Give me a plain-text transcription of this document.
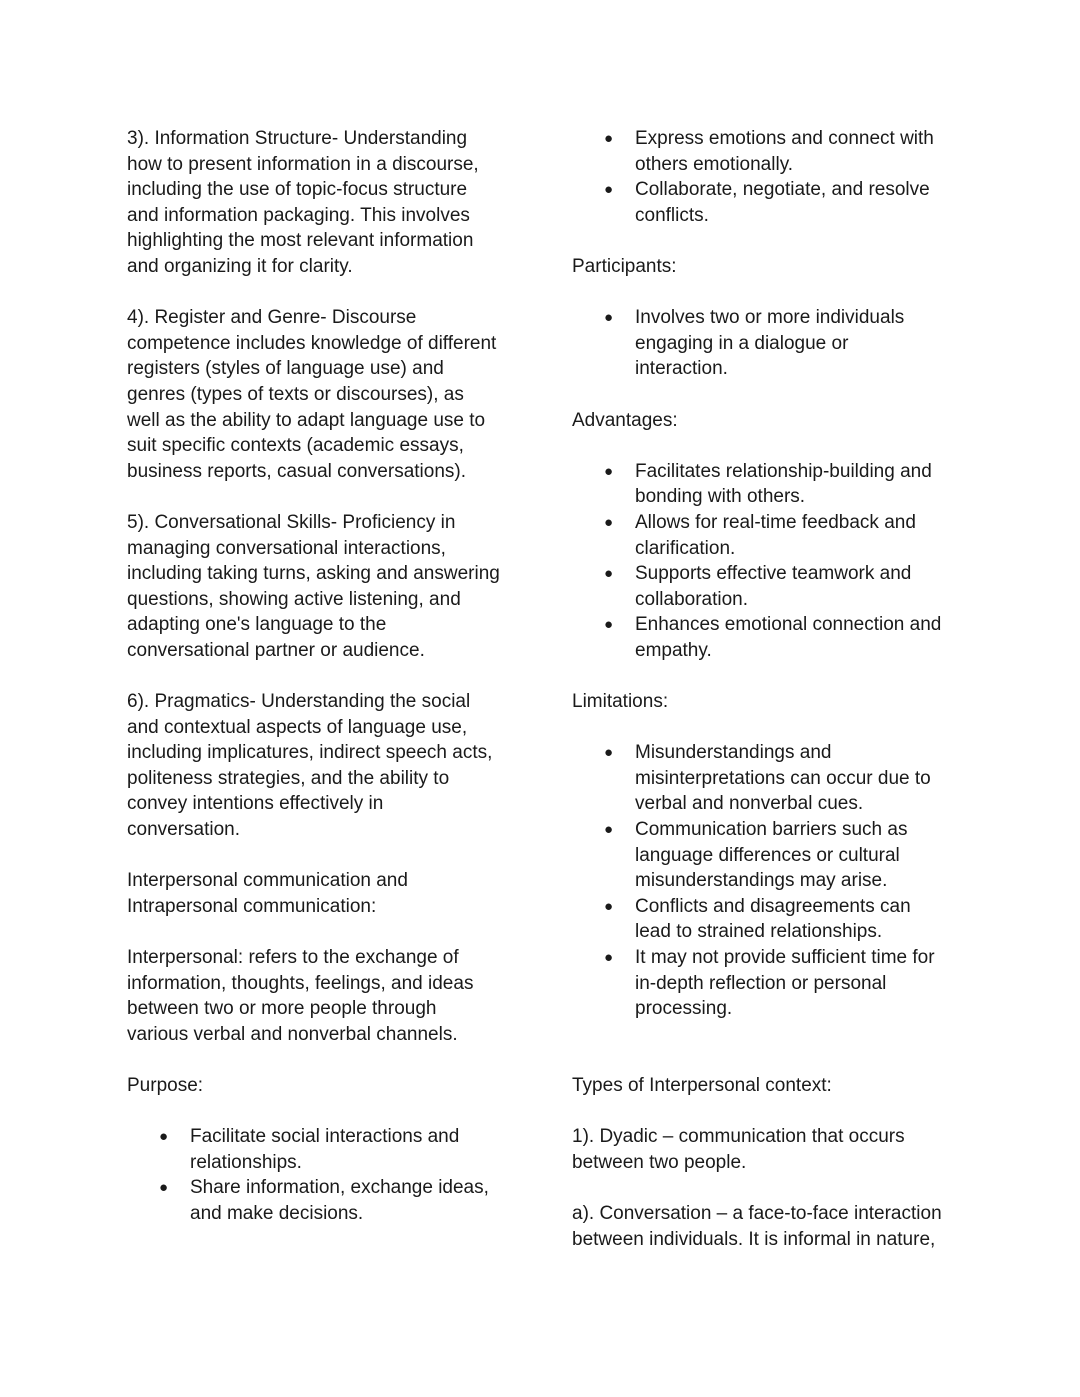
3). Information Structure- Understanding
how to present information in a discourse,
including the use of topic-focus structure
and information packaging. This involves
highlighting the most relevant information
and organizing it for clarity.
4). Register and Genre- Discourse
competence includes knowledge of different
registers (styles of language use) and
genres (types of texts or discourses), as
well as the ability to adapt language use to
suit specific contexts (academic essays,
business reports, casual conversations).
5). Conversational Skills- Proficiency in
managing conversational interactions,
including taking turns, asking and answering
questions, showing active listening, and
adapting one's language to the
conversational partner or audience.
6). Pragmatics- Understanding the social
and contextual aspects of language use,
including implicatures, indirect speech acts,
politeness strategies, and the ability to
convey intentions effectively in
conversation.
Interpersonal communication and
Intrapersonal communication:
Interpersonal: refers to the exchange of
information, thoughts, feelings, and ideas
between two or more people through
various verbal and nonverbal channels.
Purpose:
● Facilitate social interactions and
relationships.
● Share information, exchange ideas,
and make decisions.
● Express emotions and connect with
others emotionally.
● Collaborate, negotiate, and resolve
conflicts.
Participants:
● Involves two or more individuals
engaging in a dialogue or
interaction.
Advantages:
● Facilitates relationship-building and
bonding with others.
● Allows for real-time feedback and
clarification.
● Supports effective teamwork and
collaboration.
● Enhances emotional connection and
empathy.
Limitations:
● Misunderstandings and
misinterpretations can occur due to
verbal and nonverbal cues.
● Communication barriers such as
language differences or cultural
misunderstandings may arise.
● Conflicts and disagreements can
lead to strained relationships.
● It may not provide sufficient time for
in-depth reflection or personal
processing.
Types of Interpersonal context:
1). Dyadic – communication that occurs
between two people.
a). Conversation – a face-to-face interaction
between individuals. It is informal in nature,
